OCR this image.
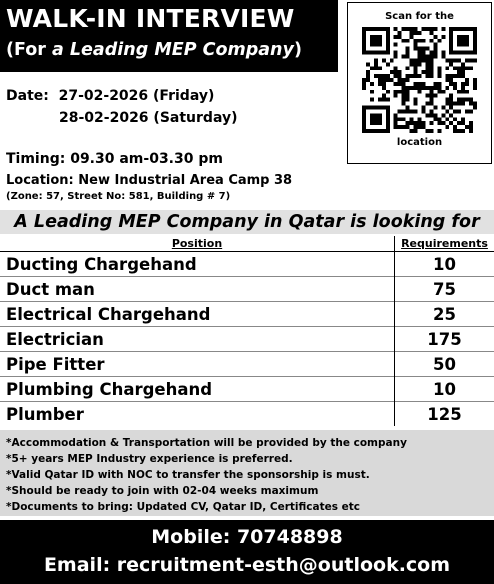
WALK-IN INTERVIEW
(For a Leading MEP Company)
Scan for the
location
Date: 27-02-2026 (Friday)
28-02-2026 (Saturday)
Timing: 09.30 am-03.30 pm
Location: New Industrial Area Camp 38
(Zone: 57, Street No: 581, Building # 7)
A Leading MEP Company in Qatar is looking for
Position	Requirements
Ducting Chargehand	10
Duct man	75
Electrical Chargehand	25
Electrician	175
Pipe Fitter	50
Plumbing Chargehand	10
Plumber	125
*Accommodation & Transportation will be provided by the company
*5+ years MEP Industry experience is preferred.
*Valid Qatar ID with NOC to transfer the sponsorship is must.
*Should be ready to join with 02-04 weeks maximum
*Documents to bring: Updated CV, Qatar ID, Certificates etc
Mobile: 70748898
Email: recruitment-esth@outlook.com
